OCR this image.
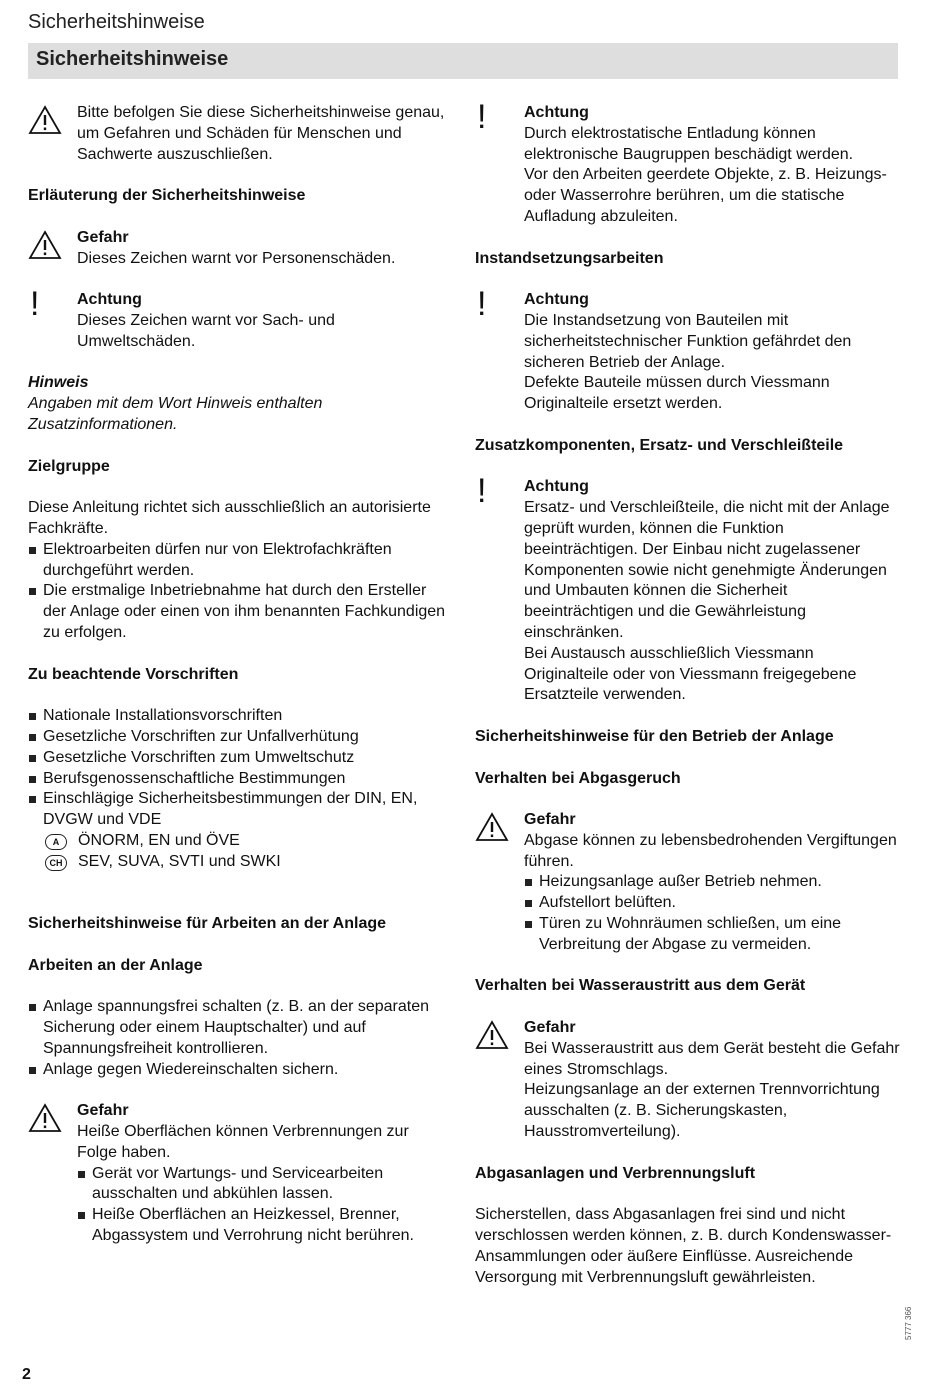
Sicherheitshinweise
Sicherheitshinweise

Bitte befolgen Sie diese Sicherheitshinweise genau, um Gefahren und Schäden für Menschen und Sachwerte auszuschließen.

Erläuterung der Sicherheitshinweise
Gefahr

Dieses Zeichen warnt vor Personenschäden.

! Achtung

Dieses Zeichen warnt vor Sach- und Umweltschäden.

Hinweis

Angaben mit dem Wort Hinweis enthalten Zusatzinformationen.

Zielgruppe

Diese Anleitung richtet sich ausschließlich an autorisierte Fachkräfte.

Elektroarbeiten dürfen nur von Elektrofachkräften durchgeführt werden.
Die erstmalige Inbetriebnahme hat durch den Ersteller der Anlage oder einen von ihm benannten Fachkundigen zu erfolgen.
Zu beachtende Vorschriften
Nationale Installationsvorschriften
Gesetzliche Vorschriften zur Unfallverhütung
Gesetzliche Vorschriften zum Umweltschutz
Berufsgenossenschaftliche Bestimmungen
Einschlägige Sicherheitsbestimmungen der DIN, EN, DVGW und VDE
A	ÖNORM, EN und ÖVE
CH SEV, SUVA, SVTI und SWKI
Sicherheitshinweise für Arbeiten an der Anlage
Arbeiten an der Anlage
Anlage spannungsfrei schalten (z. B. an der separaten Sicherung oder einem Hauptschalter) und auf Spannungsfreiheit kontrollieren.
Anlage gegen Wiedereinschalten sichern.
Gefahr

Heiße Oberflächen können Verbrennungen zur Folge haben.

Gerät vor Wartungs- und Servicearbeiten ausschalten und abkühlen lassen.
Heiße Oberflächen an Heizkessel, Brenner, Abgassystem und Verrohrung nicht berühren.
! Achtung

Durch elektrostatische Entladung können elektronische Baugruppen beschädigt werden.

Vor den Arbeiten geerdete Objekte, z. B. Heizungs- oder Wasserrohre berühren, um die statische Aufladung abzuleiten.

Instandsetzungsarbeiten
! Achtung

Die Instandsetzung von Bauteilen mit sicherheitstechnischer Funktion gefährdet den sicheren Betrieb der Anlage.

Defekte Bauteile müssen durch Viessmann Originalteile ersetzt werden.

Zusatzkomponenten, Ersatz- und Verschleißteile
! Achtung

Ersatz- und Verschleißteile, die nicht mit der Anlage geprüft wurden, können die Funktion beeinträchtigen. Der Einbau nicht zugelassener Komponenten sowie nicht genehmigte Änderungen und Umbauten können die Sicherheit beeinträchtigen und die Gewährleistung einschränken.

Bei Austausch ausschließlich Viessmann Originalteile oder von Viessmann freigegebene Ersatzteile verwenden.

Sicherheitshinweise für den Betrieb der Anlage
Verhalten bei Abgasgeruch
Gefahr

Abgase können zu lebensbedrohenden Vergiftungen führen.

Heizungsanlage außer Betrieb nehmen.
Aufstellort belüften.
Türen zu Wohnräumen schließen, um eine Verbreitung der Abgase zu vermeiden.
Verhalten bei Wasseraustritt aus dem Gerät
Gefahr

Bei Wasseraustritt aus dem Gerät besteht die Gefahr eines Stromschlags.

Heizungsanlage an der externen Trennvorrichtung ausschalten (z. B. Sicherungskasten, Hausstromverteilung).

Abgasanlagen und Verbrennungsluft

Sicherstellen, dass Abgasanlagen frei sind und nicht verschlossen werden können, z. B. durch Kondenswasser-Ansammlungen oder äußere Einflüsse. Ausreichende Versorgung mit Verbrennungsluft gewährleisten.

2
5777 366
